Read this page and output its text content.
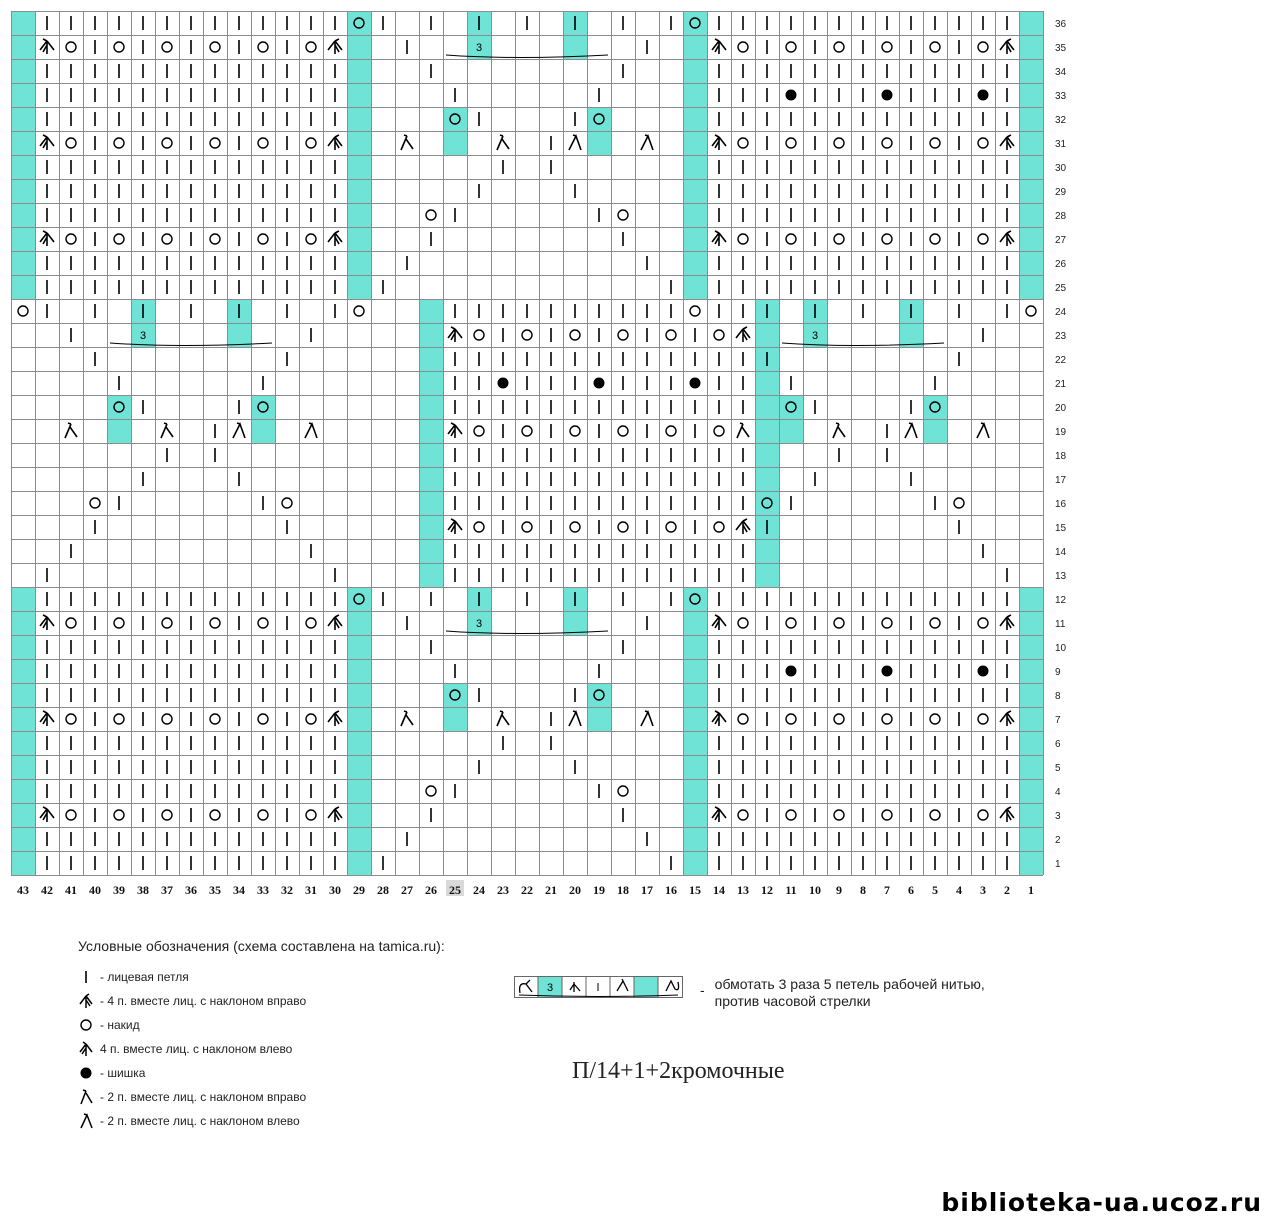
3
3
3	3
1
2
3
4
5
6
7
8
9
10
11
12
13
14
15
16
17
18
19
20
21
22
23
24
25
26
27
28
29
30
31
32
33
34
35
36
43 42 41 40 39 38 37 36 35 34 33 32 31 30 29 28 27 26 25 24 23 22 21 20 19 18 17 16 15 14 13 12 11 10 9 8 7 6 5 4 3 2 1
Условные обозначения (схема составлена на tamica.ru):
- лицевая петля
- 4 п. вместе лиц. с наклоном вправо
- накид
4 п. вместе лиц. с наклоном влево
- шишка
- 2 п. вместе лиц. с наклоном вправо
- 2 п. вместе лиц. с наклоном влево
3	- обмотать 3 раза 5 петель рабочей нитью, против часовой стрелки
П/14+1+2кромочные
biblioteka-ua.ucoz.ru
